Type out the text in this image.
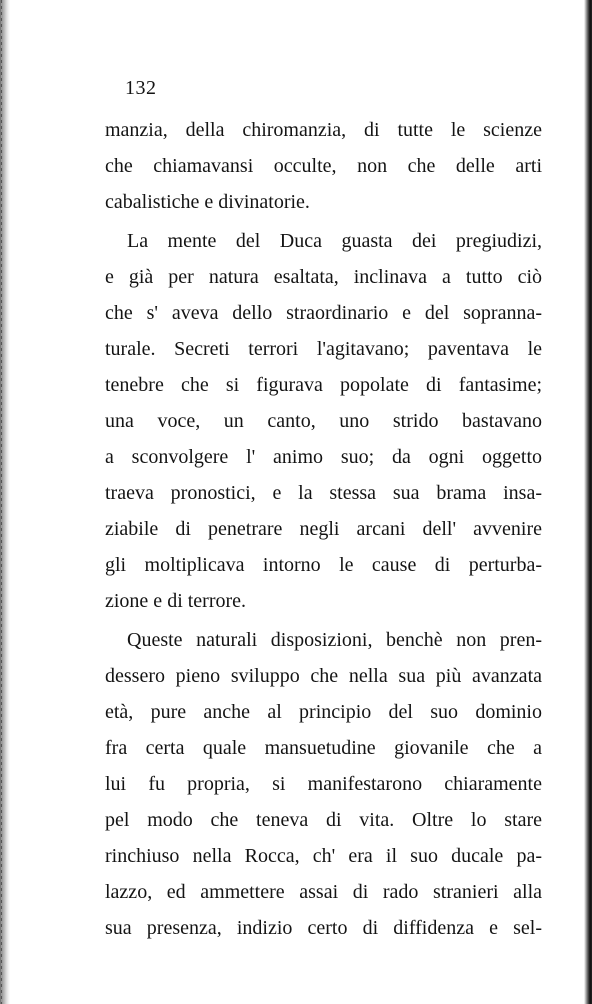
132
manzia, della chiromanzia, di tutte le scienze
che chiamavansi occulte, non che delle arti
cabalistiche e divinatorie.
La mente del Duca guasta dei pregiudizi,
e già per natura esaltata, inclinava a tutto ciò
che s' aveva dello straordinario e del sopranna-
turale. Secreti terrori l'agitavano; paventava le
tenebre che si figurava popolate di fantasime;
una voce, un canto, uno strido bastavano
a sconvolgere l' animo suo; da ogni oggetto
traeva pronostici, e la stessa sua brama insa-
ziabile di penetrare negli arcani dell' avvenire
gli moltiplicava intorno le cause di perturba-
zione e di terrore.
Queste naturali disposizioni, benchè non pren-
dessero pieno sviluppo che nella sua più avanzata
età, pure anche al principio del suo dominio
fra certa quale mansuetudine giovanile che a
lui fu propria, si manifestarono chiaramente
pel modo che teneva di vita. Oltre lo stare
rinchiuso nella Rocca, ch' era il suo ducale pa-
lazzo, ed ammettere assai di rado stranieri alla
sua presenza, indizio certo di diffidenza e sel-
